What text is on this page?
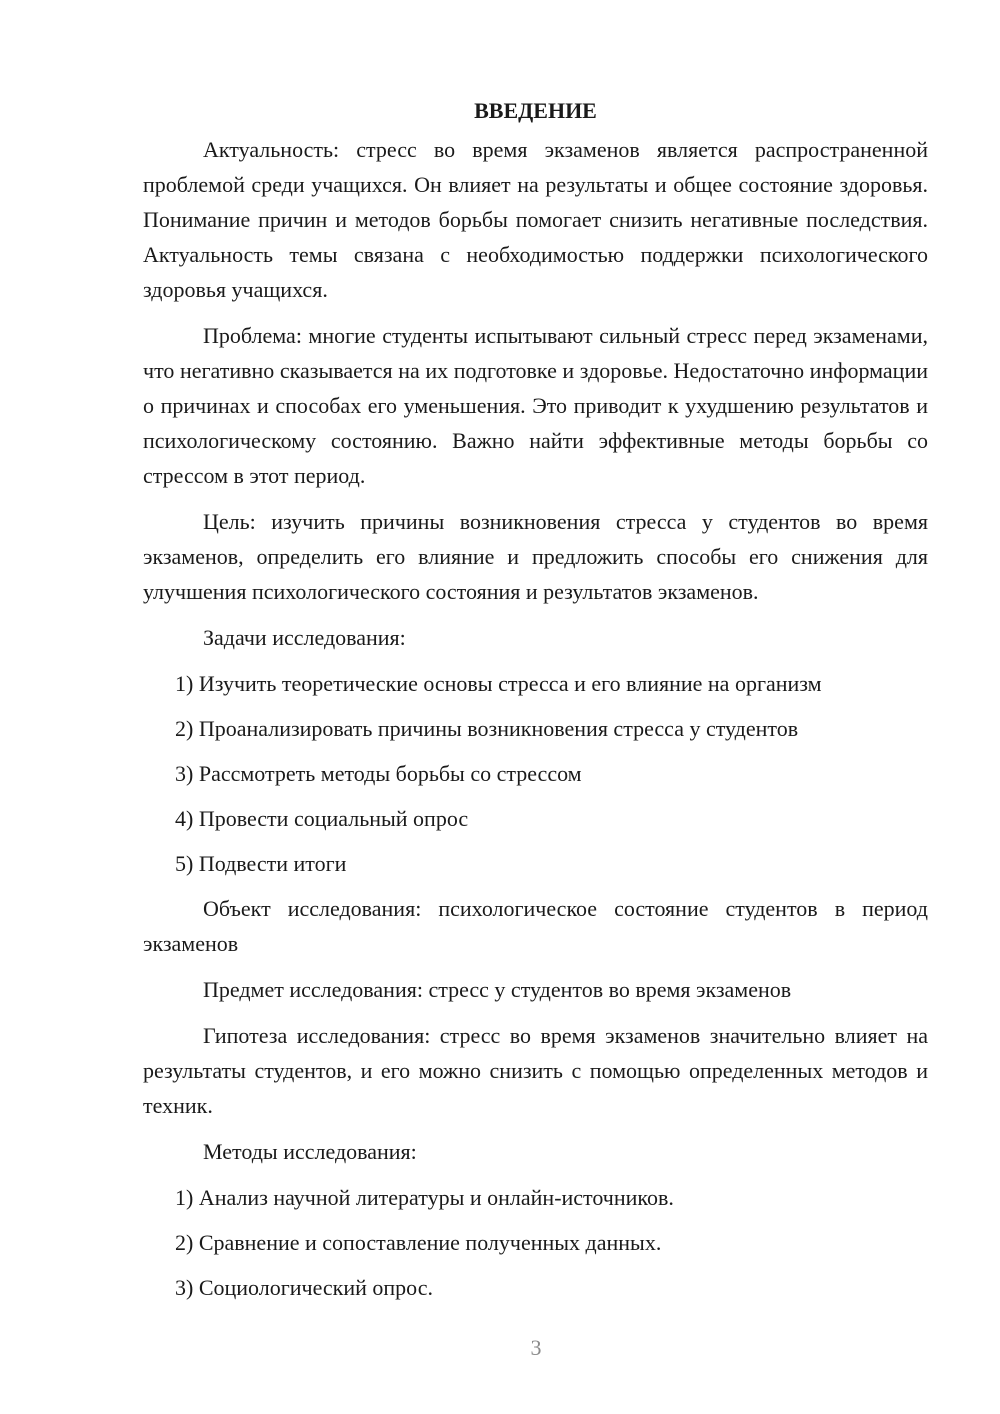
ВВЕДЕНИЕ

Актуальность: стресс во время экзаменов является распространенной проблемой среди учащихся. Он влияет на результаты и общее состояние здоровья. Понимание причин и методов борьбы помогает снизить негативные последствия. Актуальность темы связана с необходимостью поддержки психологического здоровья учащихся.

Проблема: многие студенты испытывают сильный стресс перед экзаменами, что негативно сказывается на их подготовке и здоровье. Недостаточно информации о причинах и способах его уменьшения. Это приводит к ухудшению результатов и психологическому состоянию. Важно найти эффективные методы борьбы со стрессом в этот период.

Цель: изучить причины возникновения стресса у студентов во время экзаменов, определить его влияние и предложить способы его снижения для улучшения психологического состояния и результатов экзаменов.

Задачи исследования:

1) Изучить теоретические основы стресса и его влияние на организм
2) Проанализировать причины возникновения стресса у студентов
3) Рассмотреть методы борьбы со стрессом
4) Провести социальный опрос
5) Подвести итоги

Объект исследования: психологическое состояние студентов в период экзаменов

Предмет исследования: стресс у студентов во время экзаменов

Гипотеза исследования: стресс во время экзаменов значительно влияет на результаты студентов, и его можно снизить с помощью определенных методов и техник.

Методы исследования:

1) Анализ научной литературы и онлайн-источников.
2) Сравнение и сопоставление полученных данных.
3) Социологический опрос.
3
